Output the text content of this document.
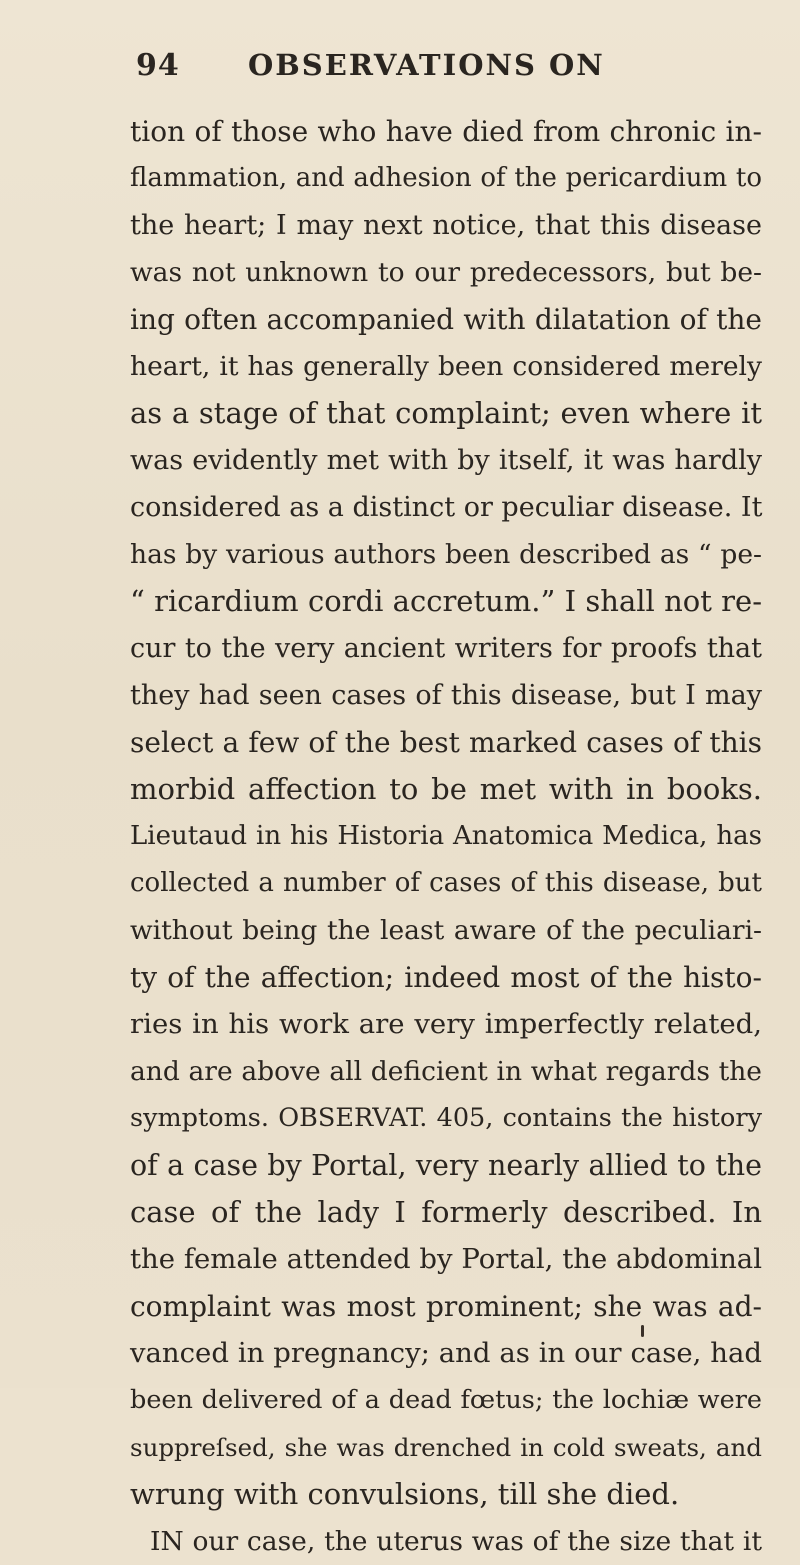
94 OBSERVATIONS ON
tion of those who have died from chronic in-
flammation, and adhesion of the pericardium to
the heart; I may next notice, that this disease
was not unknown to our predecessors, but be-
ing often accompanied with dilatation of the
heart, it has generally been considered merely
as a stage of that complaint; even where it
was evidently met with by itself, it was hardly
considered as a distinct or peculiar disease. It
has by various authors been described as “ pe-
“ ricardium cordi accretum.” I shall not re-
cur to the very ancient writers for proofs that
they had seen cases of this disease, but I may
select a few of the best marked cases of this
morbid affection to be met with in books.
Lieutaud in his Historia Anatomica Medica, has
collected a number of cases of this disease, but
without being the least aware of the peculiari-
ty of the affection; indeed most of the histo-
ries in his work are very imperfectly related,
and are above all deficient in what regards the
symptoms. OBSERVAT. 405, contains the history
of a case by Portal, very nearly allied to the
case of the lady I formerly described. In
the female attended by Portal, the abdominal
complaint was most prominent; she was ad-
vanced in pregnancy; and as in our case, had
been delivered of a dead fœtus; the lochiæ were
suppreſsed, she was drenched in cold sweats, and
wrung with convulsions, till she died.
IN our case, the uterus was of the size that it
